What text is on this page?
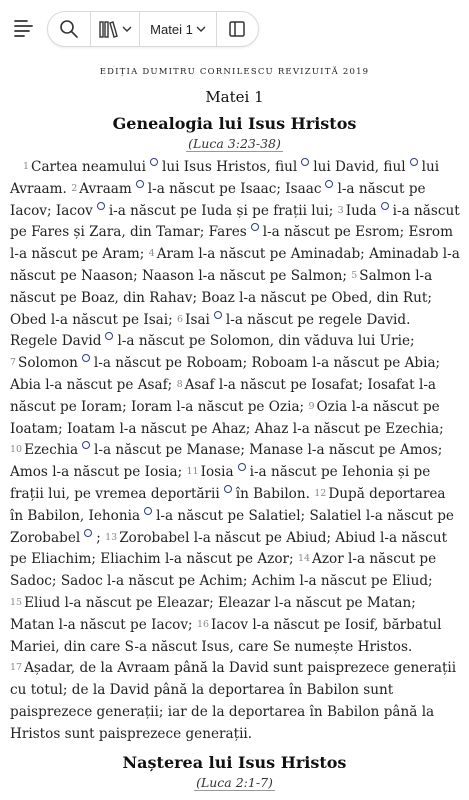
Matei 1
EDIȚIA DUMITRU CORNILESCU REVIZUITĂ 2019
Matei 1
Genealogia lui Isus Hristos
(Luca 3:23-38)

$^1$ Cartea neamului lui Isus Hristos, fiul lui David, fiul lui Avraam. $^2$ Avraam l-a născut pe Isaac; Isaac l-a născut pe Iacov; Iacov i-a născut pe Iuda și pe frații lui; $^3$ Iuda i-a născut pe Fares și Zara, din Tamar; Fares l-a născut pe Esrom; Esrom l-a născut pe Aram; $^4$ Aram l-a născut pe Aminadab; Aminadab l-a născut pe Naason; Naason l-a născut pe Salmon; $^5$ Salmon l-a născut pe Boaz, din Rahav; Boaz l-a născut pe Obed, din Rut; Obed l-a născut pe Isai; $^6$ Isai l-a născut pe regele David. Regele David l-a născut pe Solomon, din văduva lui Urie; $^7$ Solomon l-a născut pe Roboam; Roboam l-a născut pe Abia; Abia l-a născut pe Asaf; $^8$ Asaf l-a născut pe Iosafat; Iosafat l-a născut pe Ioram; Ioram l-a născut pe Ozia; $^9$ Ozia l-a născut pe Ioatam; Ioatam l-a născut pe Ahaz; Ahaz l-a născut pe Ezechia; $^{10}$ Ezechia l-a născut pe Manase; Manase l-a născut pe Amos; Amos l-a născut pe Iosia; $^{11}$ Iosia i-a născut pe Iehonia și pe frații lui, pe vremea deportării în Babilon. $^{12}$ După deportarea în Babilon, Iehonia l-a născut pe Salatiel; Salatiel l-a născut pe Zorobabel ; $^{13}$ Zorobabel l-a născut pe Abiud; Abiud l-a născut pe Eliachim; Eliachim l-a născut pe Azor; $^{14}$ Azor l-a născut pe Sadoc; Sadoc l-a născut pe Achim; Achim l-a născut pe Eliud; $^{15}$ Eliud l-a născut pe Eleazar; Eleazar l-a născut pe Matan; Matan l-a născut pe Iacov; $^{16}$ Iacov l-a născut pe Iosif, bărbatul Mariei, din care S-a născut Isus, care Se numește Hristos. $^{17}$ Așadar, de la Avraam până la David sunt paisprezece generații cu totul; de la David până la deportarea în Babilon sunt paisprezece generații; iar de la deportarea în Babilon până la Hristos sunt paisprezece generații.

Nașterea lui Isus Hristos
(Luca 2:1-7)
